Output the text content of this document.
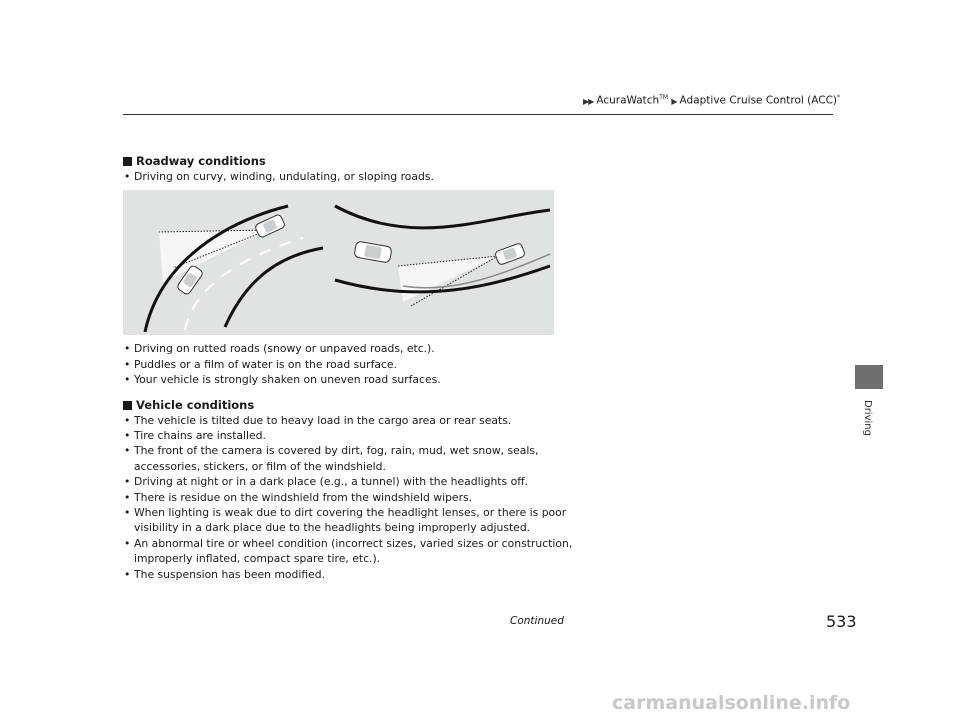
▶▶ AcuraWatch™ ▶ Adaptive Cruise Control (ACC)*
Driving

Roadway conditions

• Driving on curvy, winding, undulating, or sloping roads.
• Driving on rutted roads (snowy or unpaved roads, etc.).
• Puddles or a film of water is on the road surface.
• Your vehicle is strongly shaken on uneven road surfaces.

Vehicle conditions

• The vehicle is tilted due to heavy load in the cargo area or rear seats.
• Tire chains are installed.
• The front of the camera is covered by dirt, fog, rain, mud, wet snow, seals,
accessories, stickers, or film of the windshield.
• Driving at night or in a dark place (e.g., a tunnel) with the headlights off.
• There is residue on the windshield from the windshield wipers.
• When lighting is weak due to dirt covering the headlight lenses, or there is poor
visibility in a dark place due to the headlights being improperly adjusted.
• An abnormal tire or wheel condition (incorrect sizes, varied sizes or construction,
improperly inflated, compact spare tire, etc.).
• The suspension has been modified.
Continued	533
carmanualsonline.info
